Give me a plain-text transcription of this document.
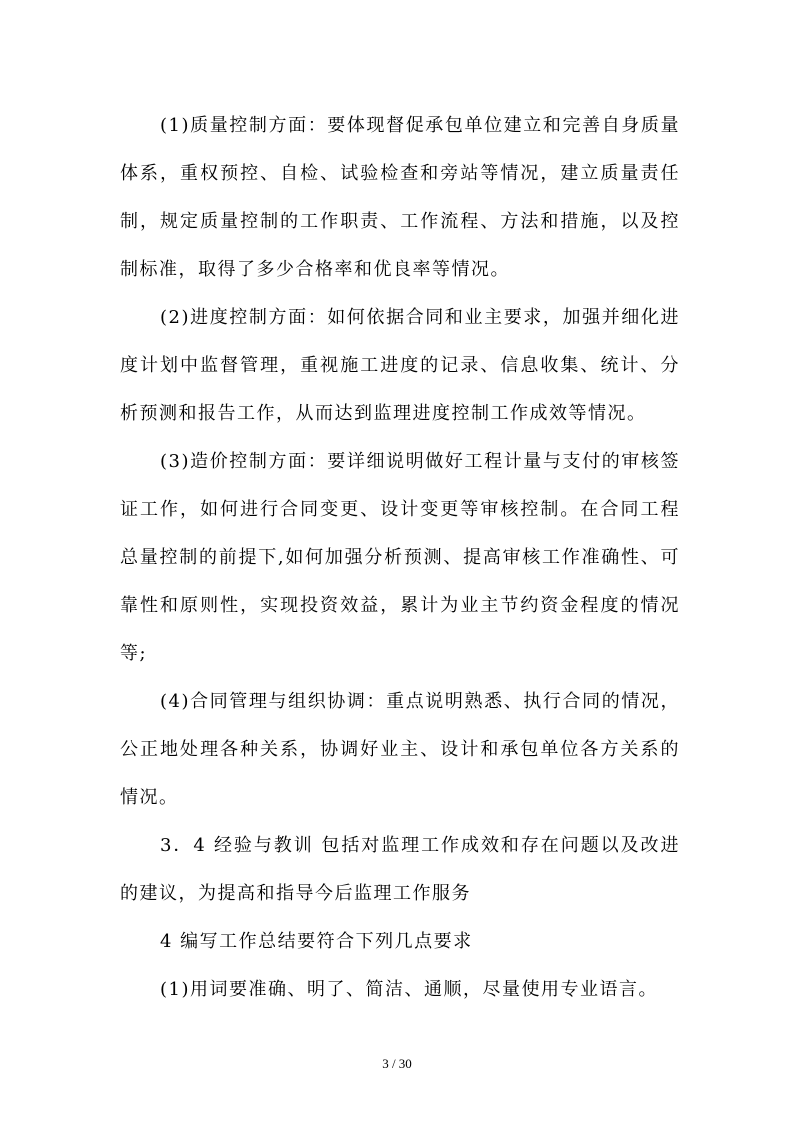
(1)质量控制方面：要体现督促承包单位建立和完善自身质量体系，重权预控、自检、试验检查和旁站等情况，建立质量责任制，规定质量控制的工作职责、工作流程、方法和措施，以及控制标准，取得了多少合格率和优良率等情况。

(2)进度控制方面：如何依据合同和业主要求，加强并细化进度计划中监督管理，重视施工进度的记录、信息收集、统计、分析预测和报告工作，从而达到监理进度控制工作成效等情况。

(3)造价控制方面：要详细说明做好工程计量与支付的审核签证工作，如何进行合同变更、设计变更等审核控制。在合同工程总量控制的前提下,如何加强分析预测、提高审核工作准确性、可靠性和原则性，实现投资效益，累计为业主节约资金程度的情况等;

(4)合同管理与组织协调：重点说明熟悉、执行合同的情况，公正地处理各种关系，协调好业主、设计和承包单位各方关系的情况。

3．4 经验与教训 包括对监理工作成效和存在问题以及改进的建议，为提高和指导今后监理工作服务

4 编写工作总结要符合下列几点要求

(1)用词要准确、明了、简洁、通顺，尽量使用专业语言。

3 / 30
